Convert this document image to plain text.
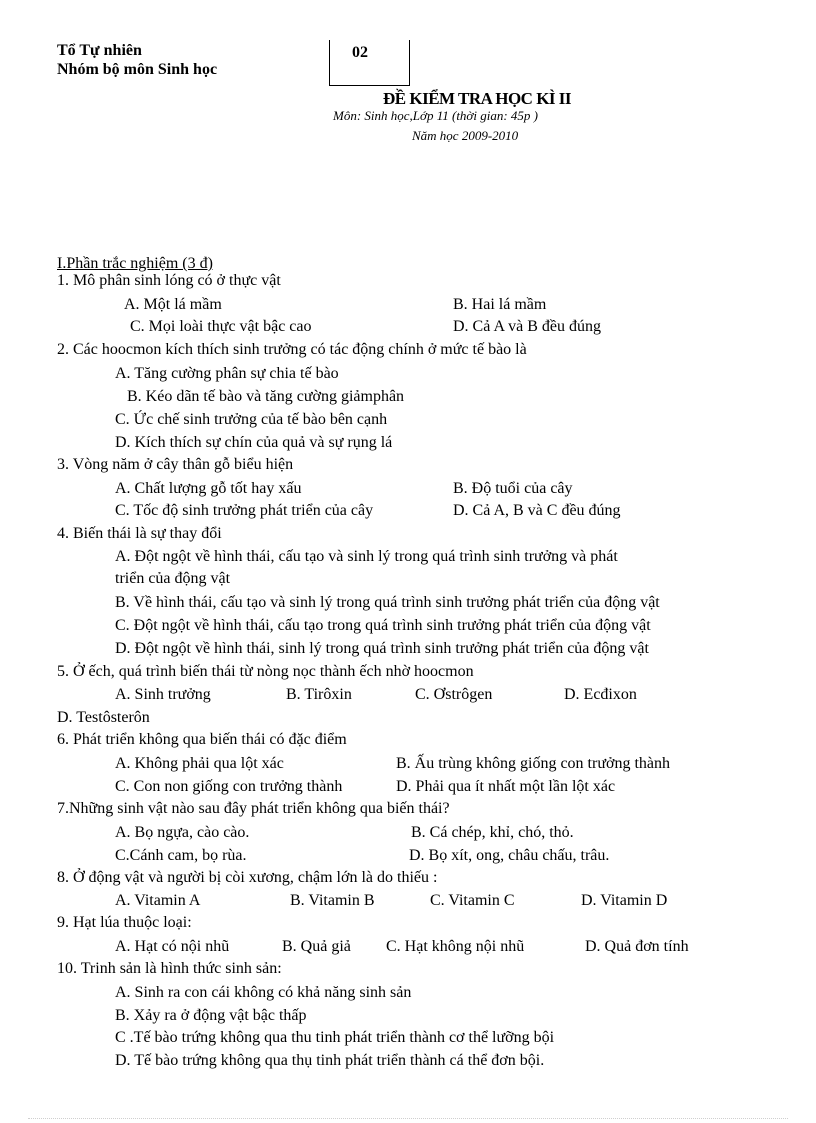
Tổ Tự nhiên
Nhóm bộ môn Sinh học
02
ĐỀ KIỂM TRA HỌC KÌ II
Môn: Sinh học,Lớp 11 (thời gian: 45p )
Năm học 2009-2010
I.Phần trắc nghiệm (3 đ)
1. Mô phân sinh lóng có ở thực vật
A. Một lá mầm	B. Hai lá mầm
C. Mọi loài thực vật bậc cao	D. Cả A và B đều đúng
2. Các hoocmon kích thích sinh trưởng có tác động chính ở mức tế bào là
A. Tăng cường phân sự chia tế bào
B. Kéo dãn tế bào và tăng cường giảmphân
C. Ức chế sinh trưởng của tế bào bên cạnh
D. Kích thích sự chín của quả và sự rụng lá
3. Vòng năm ở cây thân gỗ biểu hiện
A. Chất lượng gỗ tốt hay xấu	B. Độ tuổi của cây
C. Tốc độ sinh trưởng phát triển của cây	D. Cả A, B và C đều đúng
4. Biến thái là sự thay đổi
A. Đột ngột về hình thái, cấu tạo và sinh lý trong quá trình sinh trưởng và phát
triển của động vật
B. Về hình thái, cấu tạo và sinh lý trong quá trình sinh trưởng phát triển của động vật
C. Đột ngột về hình thái, cấu tạo trong quá trình sinh trưởng phát triển của động vật
D. Đột ngột về hình thái, sinh lý trong quá trình sinh trưởng phát triển của động vật
5. Ở ếch, quá trình biến thái từ nòng nọc thành ếch nhờ hoocmon
A. Sinh trưởng	B. Tirôxin	C. Ơstrôgen	D. Ecđixon
D. Testôsterôn
6. Phát triển không qua biến thái có đặc điểm
A. Không phải qua lột xác	B. Ấu trùng không giống con trưởng thành
C. Con non giống con trưởng thành	D. Phải qua ít nhất một lần lột xác
7.Những sinh vật nào sau đây phát triển không qua biến thái?
A. Bọ ngựa, cào cào.	B. Cá chép, khỉ, chó, thỏ.
C.Cánh cam, bọ rùa.	D. Bọ xít, ong, châu chấu, trâu.
8. Ở động vật và người bị còi xương, chậm lớn là do thiếu :
A. Vitamin A	B. Vitamin B	C. Vitamin C	D. Vitamin D
9. Hạt lúa thuộc loại:
A. Hạt có nội nhũ	B. Quả giả C. Hạt không nội nhũ	D. Quả đơn tính
10. Trinh sản là hình thức sinh sản:
A. Sinh ra con cái không có khả năng sinh sản
B. Xảy ra ở động vật bậc thấp
C .Tế bào trứng không qua thu tinh phát triển thành cơ thể lưỡng bội
D. Tế bào trứng không qua thụ tinh phát triển thành cá thể đơn bội.
